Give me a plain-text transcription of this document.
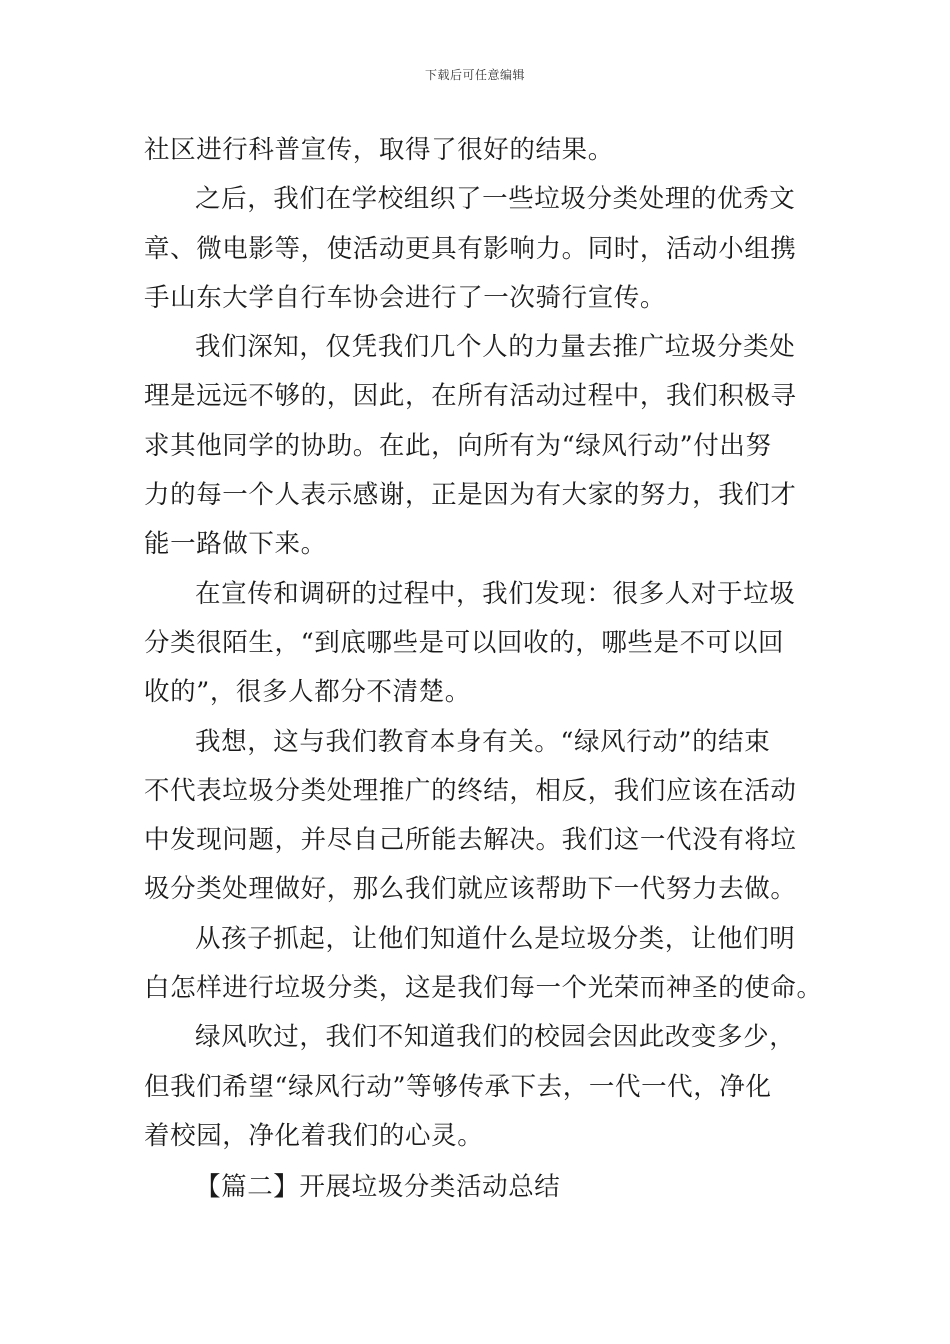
下载后可任意编辑
社区进行科普宣传，取得了很好的结果。
之后，我们在学校组织了一些垃圾分类处理的优秀文
章、微电影等，使活动更具有影响力。同时，活动小组携
手山东大学自行车协会进行了一次骑行宣传。
我们深知，仅凭我们几个人的力量去推广垃圾分类处
理是远远不够的，因此，在所有活动过程中，我们积极寻
求其他同学的协助。在此，向所有为“绿风行动”付出努
力的每一个人表示感谢，正是因为有大家的努力，我们才
能一路做下来。
在宣传和调研的过程中，我们发现：很多人对于垃圾
分类很陌生，“到底哪些是可以回收的，哪些是不可以回
收的”，很多人都分不清楚。
我想，这与我们教育本身有关。“绿风行动”的结束
不代表垃圾分类处理推广的终结，相反，我们应该在活动
中发现问题，并尽自己所能去解决。我们这一代没有将垃
圾分类处理做好，那么我们就应该帮助下一代努力去做。
从孩子抓起，让他们知道什么是垃圾分类，让他们明
白怎样进行垃圾分类，这是我们每一个光荣而神圣的使命。
绿风吹过，我们不知道我们的校园会因此改变多少，
但我们希望“绿风行动”等够传承下去，一代一代，净化
着校园，净化着我们的心灵。
【篇二】开展垃圾分类活动总结
